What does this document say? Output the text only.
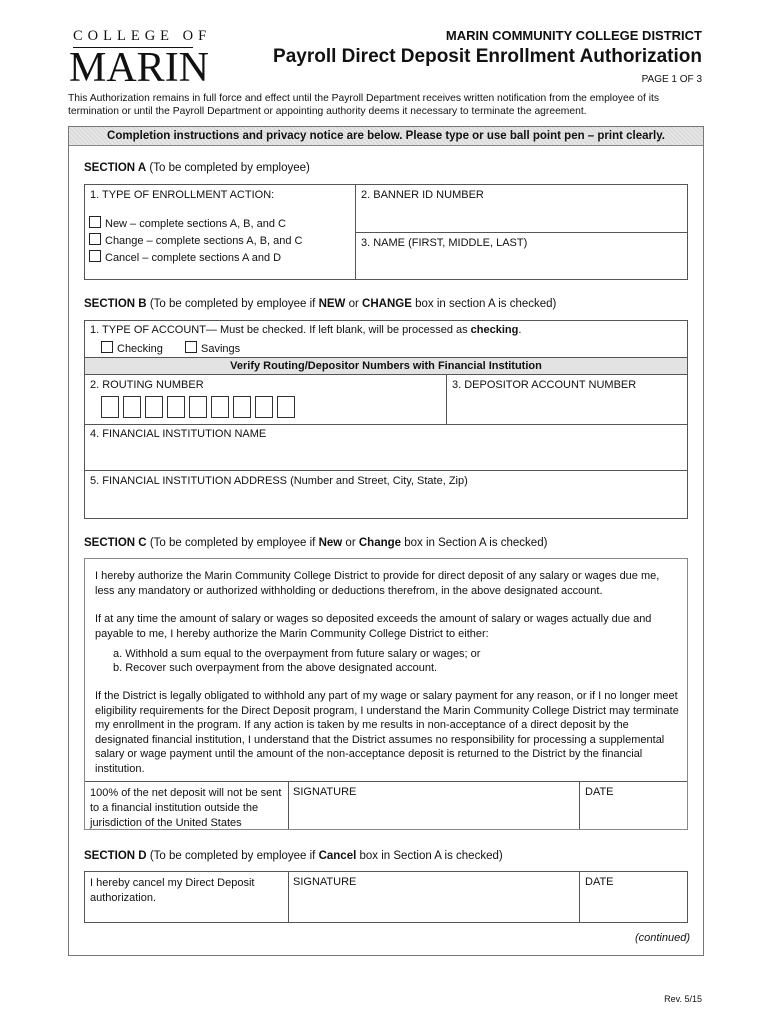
COLLEGE OF
MARIN
MARIN COMMUNITY COLLEGE DISTRICT
Payroll Direct Deposit Enrollment Authorization
PAGE 1 OF 3
This Authorization remains in full force and effect until the Payroll Department receives written notification from the employee of its termination or until the Payroll Department or appointing authority deems it necessary to terminate the agreement.
Completion instructions and privacy notice are below. Please type or use ball point pen – print clearly.
SECTION A (To be completed by employee)
1. TYPE OF ENROLLMENT ACTION:
New – complete sections A, B, and C
Change – complete sections A, B, and C
Cancel – complete sections A and D
2. BANNER ID NUMBER
3. NAME (FIRST, MIDDLE, LAST)
SECTION B (To be completed by employee if NEW or CHANGE box in section A is checked)
1. TYPE OF ACCOUNT— Must be checked. If left blank, will be processed as checking.
Checking	Savings
Verify Routing/Depositor Numbers with Financial Institution
2. ROUTING NUMBER	3. DEPOSITOR ACCOUNT NUMBER
4. FINANCIAL INSTITUTION NAME
5. FINANCIAL INSTITUTION ADDRESS (Number and Street, City, State, Zip)
SECTION C (To be completed by employee if New or Change box in Section A is checked)
I hereby authorize the Marin Community College District to provide for direct deposit of any salary or wages due me, less any mandatory or authorized withholding or deductions therefrom, in the above designated account.
If at any time the amount of salary or wages so deposited exceeds the amount of salary or wages actually due and payable to me, I hereby authorize the Marin Community College District to either:
a. Withhold a sum equal to the overpayment from future salary or wages; or
b. Recover such overpayment from the above designated account.
If the District is legally obligated to withhold any part of my wage or salary payment for any reason, or if I no longer meet eligibility requirements for the Direct Deposit program, I understand the Marin Community College District may terminate my enrollment in the program. If any action is taken by me results in non-acceptance of a direct deposit by the designated financial institution, I understand that the District assumes no responsibility for processing a supplemental salary or wage payment until the amount of the non-acceptance deposit is returned to the District by the financial institution.
100% of the net deposit will not be sent to a financial institution outside the jurisdiction of the United States
SIGNATURE	DATE
SECTION D (To be completed by employee if Cancel box in Section A is checked)
I hereby cancel my Direct Deposit authorization.
SIGNATURE	DATE
(continued)
Rev. 5/15
